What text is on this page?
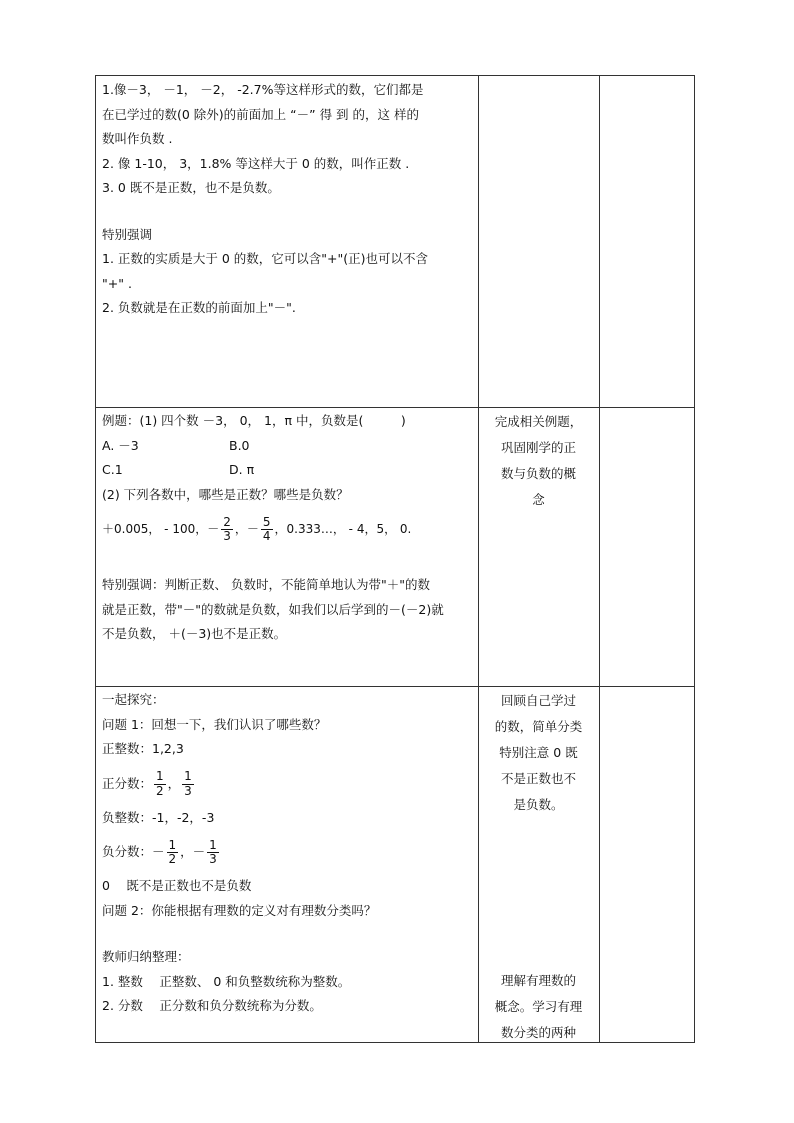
1.像－3， －1， －2， -2.7%等这样形式的数，它们都是

在已学过的数(0 除外)的前面加上 “－” 得 到 的，这 样的

数叫作负数 .

2. 像 1-10， 3，1.8% 等这样大于 0 的数，叫作正数 .

3. 0 既不是正数，也不是负数。

特别强调

1. 正数的实质是大于 0 的数，它可以含"+"(正)也可以不含

"+" .

2. 负数就是在正数的前面加上"－".

例题：(1) 四个数 －3， 0， 1，π 中，负数是(　　　)

A. －3	B.0

C.1	D. π

(2) 下列各数中，哪些是正数？哪些是负数？

＋0.005， - 100，－ $\frac{2}{3}$ ，－ $\frac{5}{4}$ ，0.333…， - 4，5， 0.

特别强调：判断正数、 负数时，不能简单地认为带"＋"的数

就是正数，带"－"的数就是负数，如我们以后学到的－(－2)就

不是负数， ＋(－3)也不是正数。

完成相关例题，

巩固刚学的正

数与负数的概

念

一起探究：

问题 1：回想一下，我们认识了哪些数？

正整数：1,2,3

正分数： $\frac{1}{2}$ ， $\frac{1}{3}$

负整数：-1，-2，-3

负分数：－ $\frac{1}{2}$ ，－ $\frac{1}{3}$

0 　既不是正数也不是负数

问题 2：你能根据有理数的定义对有理数分类吗？

教师归纳整理：

1. 整数　 正整数、 0 和负整数统称为整数。

2. 分数　 正分数和负分数统称为分数。

回顾自己学过

的数，简单分类

特别注意 0 既

不是正数也不

是负数。

理解有理数的

概念。学习有理

数分类的两种
